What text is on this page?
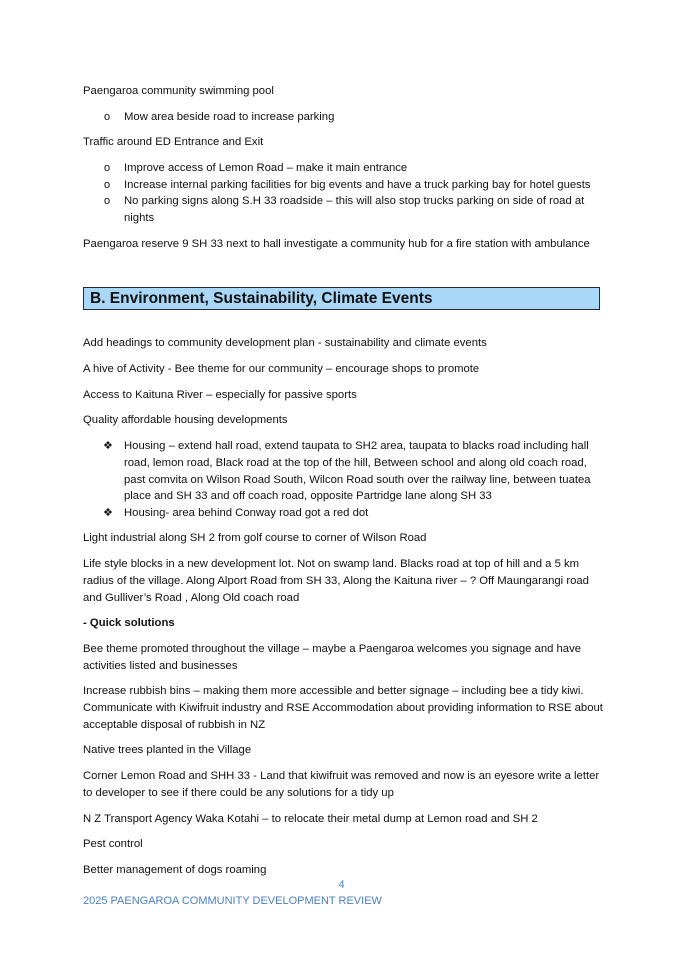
Paengaroa community swimming pool

o Mow area beside road to increase parking

Traffic around ED Entrance and Exit

o Improve access of Lemon Road – make it main entrance

o Increase internal parking facilities for big events and have a truck parking bay for hotel guests

o No parking signs along S.H 33 roadside – this will also stop trucks parking on side of road at nights

Paengaroa reserve 9 SH 33 next to hall investigate a community hub for a fire station with ambulance

B. Environment, Sustainability, Climate Events

Add headings to community development plan - sustainability and climate events

A hive of Activity - Bee theme for our community – encourage shops to promote

Access to Kaituna River – especially for passive sports

Quality affordable housing developments

❖ Housing – extend hall road, extend taupata to SH2 area, taupata to blacks road including hall road, lemon road, Black road at the top of the hill, Between school and along old coach road, past comvita on Wilson Road South, Wilcon Road south over the railway line, between tuatea place and SH 33 and off coach road, opposite Partridge lane along SH 33

❖ Housing- area behind Conway road got a red dot

Light industrial along SH 2 from golf course to corner of Wilson Road

Life style blocks in a new development lot. Not on swamp land. Blacks road at top of hill and a 5 km radius of the village. Along Alport Road from SH 33, Along the Kaituna river – ? Off Maungarangi road and Gulliver’s Road , Along Old coach road

- Quick solutions

Bee theme promoted throughout the village – maybe a Paengaroa welcomes you signage and have activities listed and businesses

Increase rubbish bins – making them more accessible and better signage – including bee a tidy kiwi. Communicate with Kiwifruit industry and RSE Accommodation about providing information to RSE about acceptable disposal of rubbish in NZ

Native trees planted in the Village

Corner Lemon Road and SHH 33 - Land that kiwifruit was removed and now is an eyesore write a letter to developer to see if there could be any solutions for a tidy up

N Z Transport Agency Waka Kotahi – to relocate their metal dump at Lemon road and SH 2

Pest control

Better management of dogs roaming

4
2025 PAENGAROA COMMUNITY DEVELOPMENT REVIEW
